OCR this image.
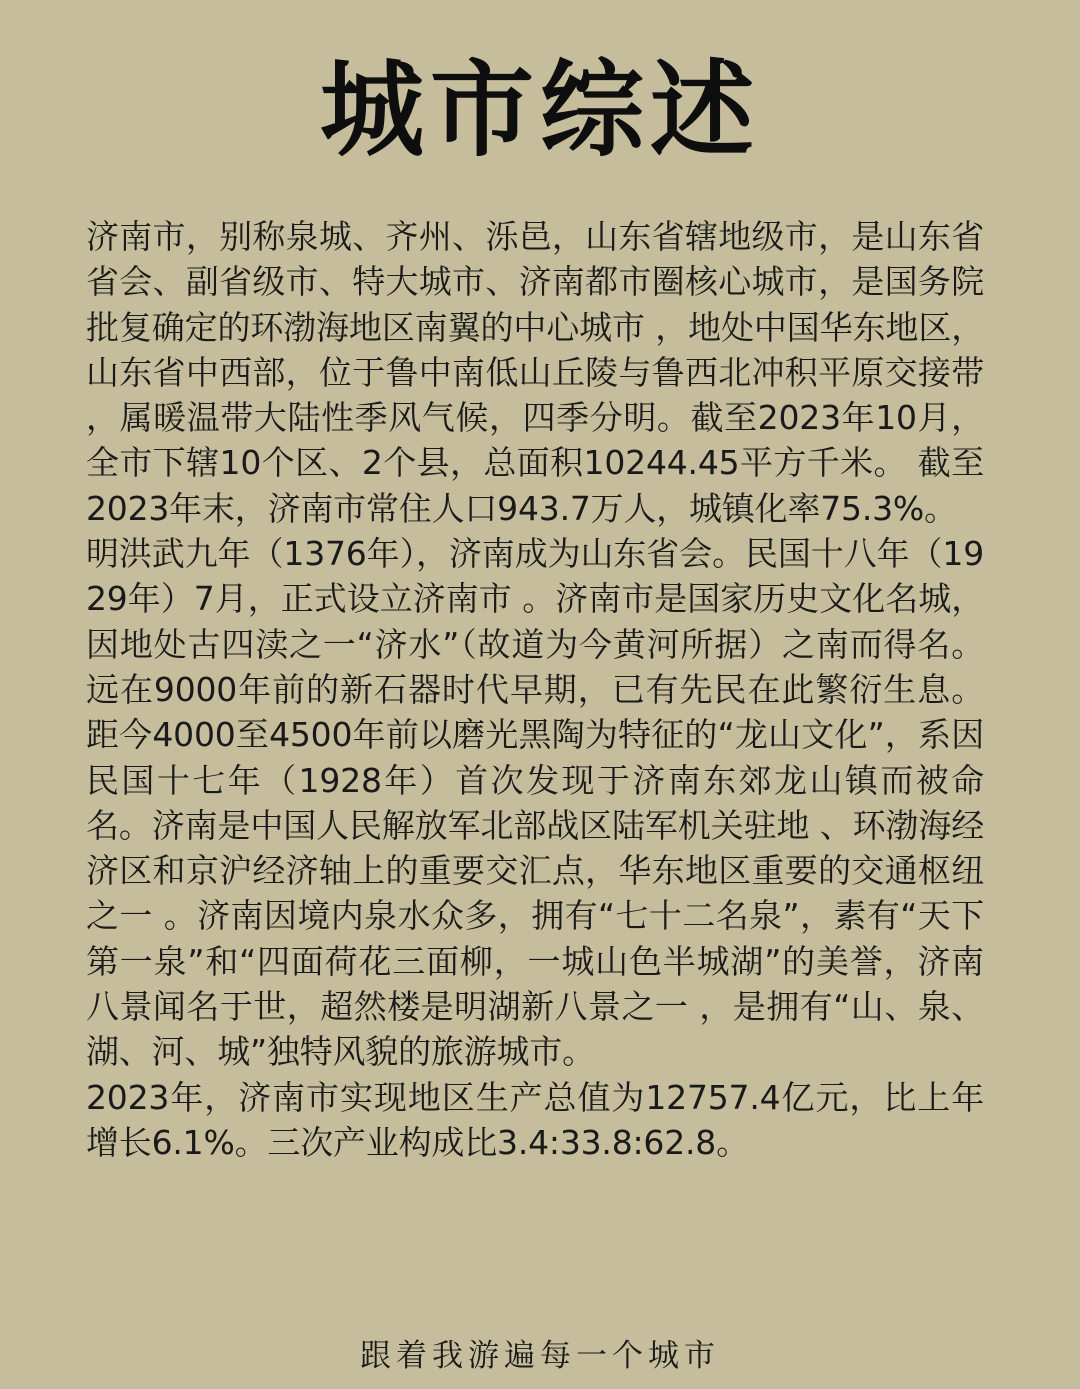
城市综述

济南市，别称泉城、齐州、泺邑，山东省辖地级市，是山东省省会、副省级市、特大城市、济南都市圈核心城市，是国务院批复确定的环渤海地区南翼的中心城市 ，地处中国华东地区，山东省中西部，位于鲁中南低山丘陵与鲁西北冲积平原交接带 ，属暖温带大陆性季风气候，四季分明。截至2023年10月，全市下辖10个区、2个县，总面积10244.45平方千米。 截至2023年末，济南市常住人口943.7万人，城镇化率75.3%。

明洪武九年（1376年），济南成为山东省会。民国十八年（1929年）7月，正式设立济南市 。济南市是国家历史文化名城，因地处古四渎之一“济水”（故道为今黄河所据）之南而得名。远在9000年前的新石器时代早期，已有先民在此繁衍生息。距今4000至4500年前以磨光黑陶为特征的“龙山文化”，系因民国十七年（1928年）首次发现于济南东郊龙山镇而被命名。济南是中国人民解放军北部战区陆军机关驻地 、环渤海经济区和京沪经济轴上的重要交汇点，华东地区重要的交通枢纽之一 。济南因境内泉水众多，拥有“七十二名泉”，素有“天下第一泉”和“四面荷花三面柳，一城山色半城湖”的美誉，济南八景闻名于世，超然楼是明湖新八景之一 ，是拥有“山、泉、湖、河、城”独特风貌的旅游城市。

2023年，济南市实现地区生产总值为12757.4亿元，比上年增长6.1%。三次产业构成比3.4:33.8:62.8。

跟着我游遍每一个城市
